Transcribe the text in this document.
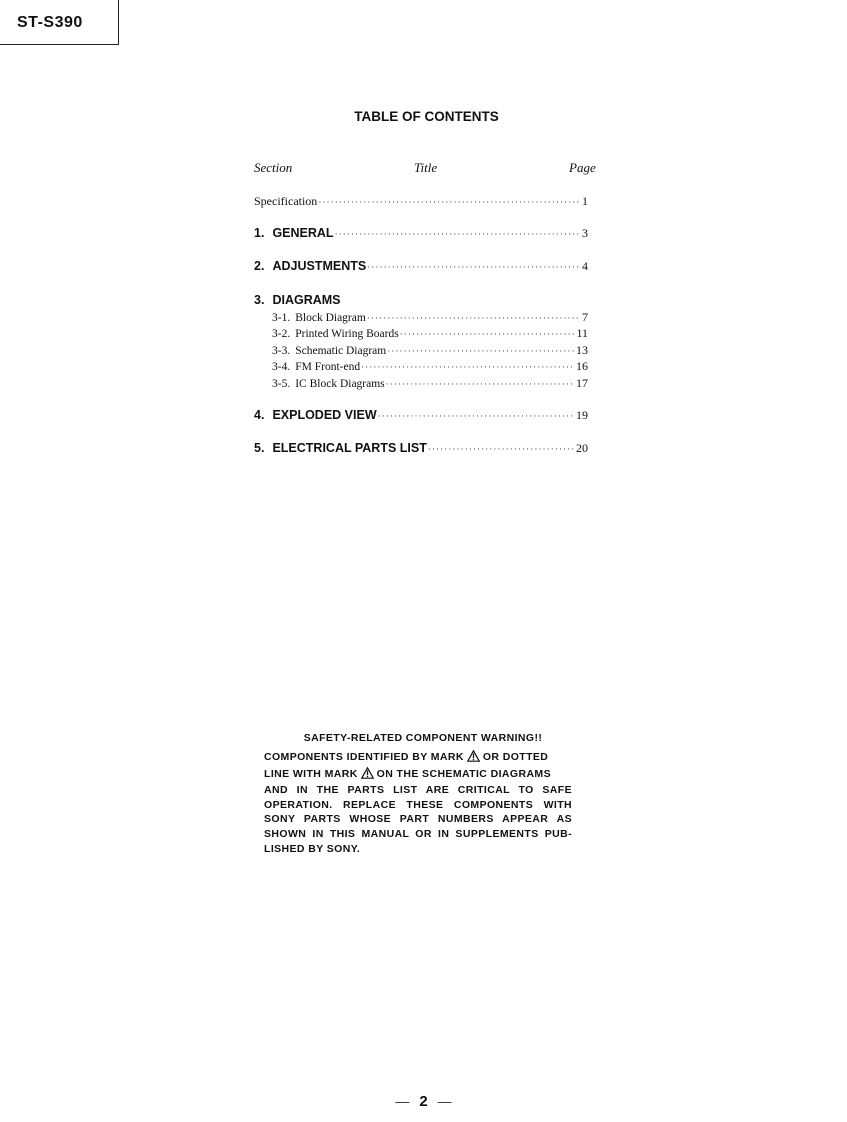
ST-S390
TABLE OF CONTENTS
Section	Title	Page
Specification ·····	1
1. GENERAL ·····	3
2. ADJUSTMENTS ·····	4
3. DIAGRAMS
3-1. Block Diagram ·····	7
3-2. Printed Wiring Boards ·····	11
3-3. Schematic Diagram ·····	13
3-4. FM Front-end ·····	16
3-5. IC Block Diagrams ·····	17
4. EXPLODED VIEW ·····	19
5. ELECTRICAL PARTS LIST ·····	20
SAFETY-RELATED COMPONENT WARNING!!
COMPONENTS IDENTIFIED BY MARK OR DOTTED
LINE WITH MARK ON THE SCHEMATIC DIAGRAMS
AND IN THE PARTS LIST ARE CRITICAL TO SAFE OPERATION. REPLACE THESE COMPONENTS WITH SONY PARTS WHOSE PART NUMBERS APPEAR AS SHOWN IN THIS MANUAL OR IN SUPPLEMENTS PUB-LISHED BY SONY.
— 2 —
